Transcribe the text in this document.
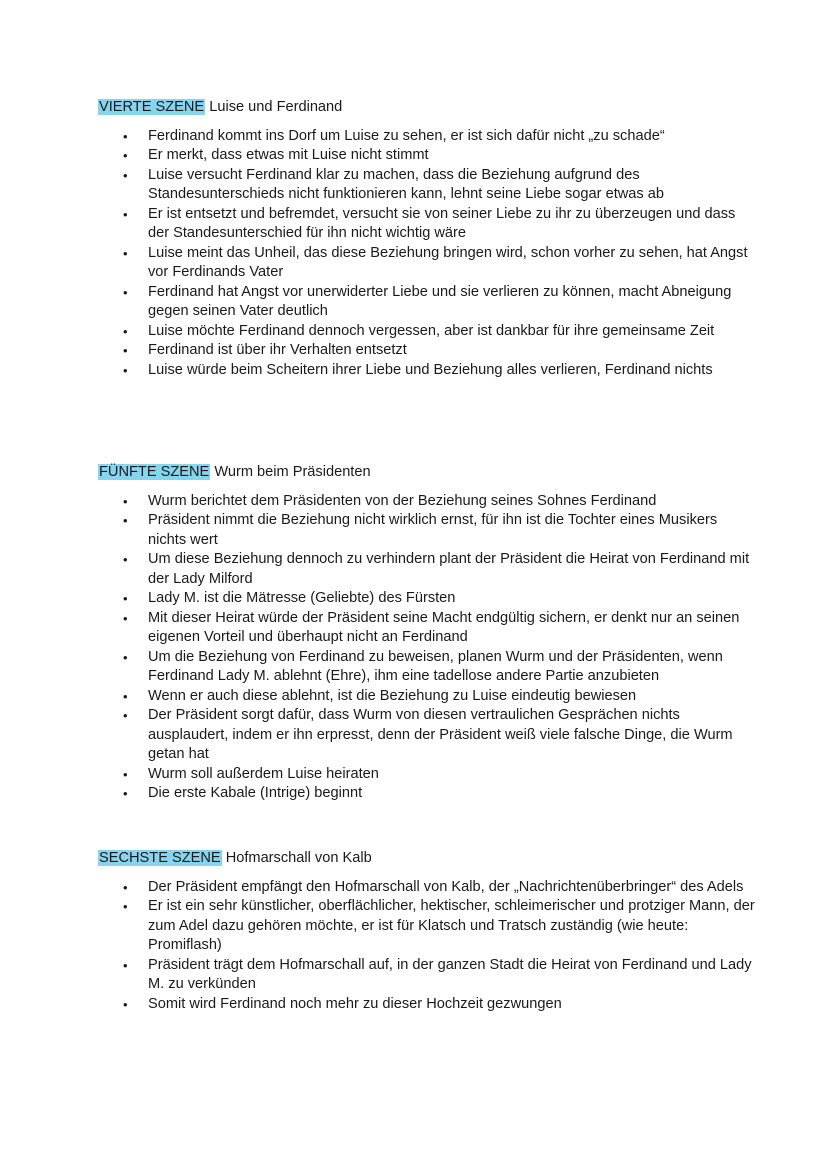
VIERTE SZENE Luise und Ferdinand

• Ferdinand kommt ins Dorf um Luise zu sehen, er ist sich dafür nicht „zu schade“
• Er merkt, dass etwas mit Luise nicht stimmt
• Luise versucht Ferdinand klar zu machen, dass die Beziehung aufgrund des Standesunterschieds nicht funktionieren kann, lehnt seine Liebe sogar etwas ab
• Er ist entsetzt und befremdet, versucht sie von seiner Liebe zu ihr zu überzeugen und dass der Standesunterschied für ihn nicht wichtig wäre
• Luise meint das Unheil, das diese Beziehung bringen wird, schon vorher zu sehen, hat Angst vor Ferdinands Vater
• Ferdinand hat Angst vor unerwiderter Liebe und sie verlieren zu können, macht Abneigung gegen seinen Vater deutlich
• Luise möchte Ferdinand dennoch vergessen, aber ist dankbar für ihre gemeinsame Zeit
• Ferdinand ist über ihr Verhalten entsetzt
• Luise würde beim Scheitern ihrer Liebe und Beziehung alles verlieren, Ferdinand nichts

FÜNFTE SZENE Wurm beim Präsidenten

• Wurm berichtet dem Präsidenten von der Beziehung seines Sohnes Ferdinand
• Präsident nimmt die Beziehung nicht wirklich ernst, für ihn ist die Tochter eines Musikers nichts wert
• Um diese Beziehung dennoch zu verhindern plant der Präsident die Heirat von Ferdinand mit der Lady Milford
• Lady M. ist die Mätresse (Geliebte) des Fürsten
• Mit dieser Heirat würde der Präsident seine Macht endgültig sichern, er denkt nur an seinen eigenen Vorteil und überhaupt nicht an Ferdinand
• Um die Beziehung von Ferdinand zu beweisen, planen Wurm und der Präsidenten, wenn Ferdinand Lady M. ablehnt (Ehre), ihm eine tadellose andere Partie anzubieten
• Wenn er auch diese ablehnt, ist die Beziehung zu Luise eindeutig bewiesen
• Der Präsident sorgt dafür, dass Wurm von diesen vertraulichen Gesprächen nichts ausplaudert, indem er ihn erpresst, denn der Präsident weiß viele falsche Dinge, die Wurm getan hat
• Wurm soll außerdem Luise heiraten
• Die erste Kabale (Intrige) beginnt

SECHSTE SZENE Hofmarschall von Kalb

• Der Präsident empfängt den Hofmarschall von Kalb, der „Nachrichtenüberbringer“ des Adels
• Er ist ein sehr künstlicher, oberflächlicher, hektischer, schleimerischer und protziger Mann, der zum Adel dazu gehören möchte, er ist für Klatsch und Tratsch zuständig (wie heute: Promiflash)
• Präsident trägt dem Hofmarschall auf, in der ganzen Stadt die Heirat von Ferdinand und Lady M. zu verkünden
• Somit wird Ferdinand noch mehr zu dieser Hochzeit gezwungen
